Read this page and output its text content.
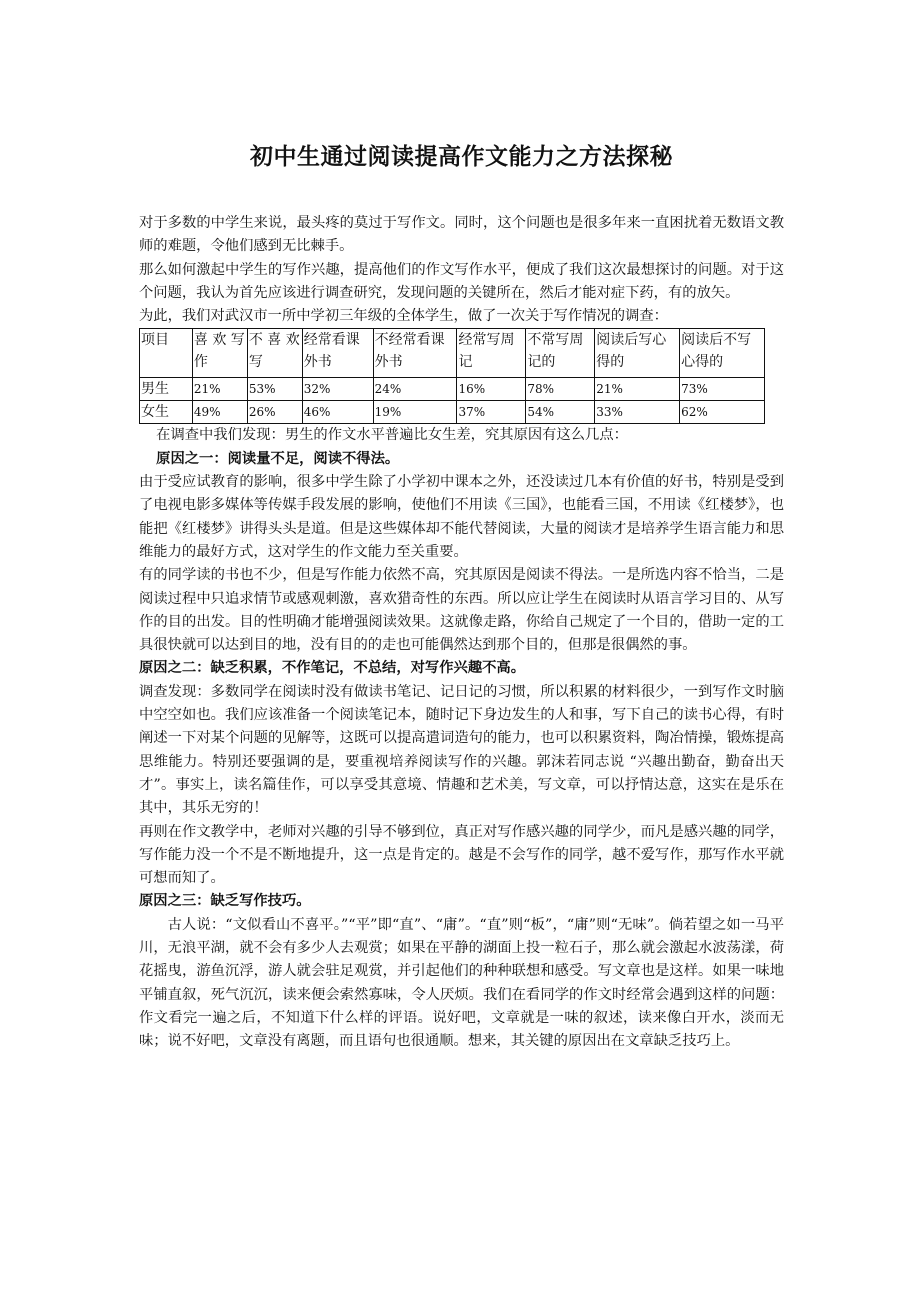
初中生通过阅读提高作文能力之方法探秘

对于多数的中学生来说，最头疼的莫过于写作文。同时，这个问题也是很多年来一直困扰着无数语文教师的难题，令他们感到无比棘手。

那么如何激起中学生的写作兴趣，提高他们的作文写作水平，便成了我们这次最想探讨的问题。对于这个问题，我认为首先应该进行调查研究，发现问题的关键所在，然后才能对症下药，有的放矢。

为此，我们对武汉市一所中学初三年级的全体学生，做了一次关于写作情况的调查：

项目	喜 欢 写作	不 喜 欢写	经常看课外书	不经常看课外书	经常写周记	不常写周记的	阅读后写心得的	阅读后不写心得的
男生	21%	53%	32%	24%	16%	78%	21%	73%
女生	49%	26%	46%	19%	37%	54%	33%	62%

在调查中我们发现：男生的作文水平普遍比女生差，究其原因有这么几点：

原因之一：阅读量不足，阅读不得法。

由于受应试教育的影响，很多中学生除了小学初中课本之外，还没读过几本有价值的好书，特别是受到了电视电影多媒体等传媒手段发展的影响，使他们不用读《三国》，也能看三国，不用读《红楼梦》，也能把《红楼梦》讲得头头是道。但是这些媒体却不能代替阅读，大量的阅读才是培养学生语言能力和思维能力的最好方式，这对学生的作文能力至关重要。

有的同学读的书也不少，但是写作能力依然不高，究其原因是阅读不得法。一是所选内容不恰当，二是阅读过程中只追求情节或感观刺激，喜欢猎奇性的东西。所以应让学生在阅读时从语言学习目的、从写作的目的出发。目的性明确才能增强阅读效果。这就像走路，你给自己规定了一个目的，借助一定的工具很快就可以达到目的地，没有目的的走也可能偶然达到那个目的，但那是很偶然的事。

原因之二：缺乏积累，不作笔记，不总结，对写作兴趣不高。

调查发现：多数同学在阅读时没有做读书笔记、记日记的习惯，所以积累的材料很少，一到写作文时脑中空空如也。我们应该准备一个阅读笔记本，随时记下身边发生的人和事，写下自己的读书心得，有时阐述一下对某个问题的见解等，这既可以提高遣词造句的能力，也可以积累资料，陶冶情操，锻炼提高思维能力。特别还要强调的是，要重视培养阅读写作的兴趣。郭沫若同志说 “兴趣出勤奋，勤奋出天才”。事实上，读名篇佳作，可以享受其意境、情趣和艺术美，写文章，可以抒情达意，这实在是乐在其中，其乐无穷的！

再则在作文教学中，老师对兴趣的引导不够到位，真正对写作感兴趣的同学少，而凡是感兴趣的同学，写作能力没一个不是不断地提升，这一点是肯定的。越是不会写作的同学，越不爱写作，那写作水平就可想而知了。

原因之三：缺乏写作技巧。

古人说：“文似看山不喜平。”“平”即“直”、“庸”。“直”则“板”，“庸”则“无味”。倘若望之如一马平川，无浪平湖，就不会有多少人去观赏；如果在平静的湖面上投一粒石子，那么就会激起水波荡漾，荷花摇曳，游鱼沉浮，游人就会驻足观赏，并引起他们的种种联想和感受。写文章也是这样。如果一味地平铺直叙，死气沉沉，读来便会索然寡味，令人厌烦。我们在看同学的作文时经常会遇到这样的问题：作文看完一遍之后，不知道下什么样的评语。说好吧，文章就是一味的叙述，读来像白开水，淡而无味；说不好吧，文章没有离题，而且语句也很通顺。想来，其关键的原因出在文章缺乏技巧上。
